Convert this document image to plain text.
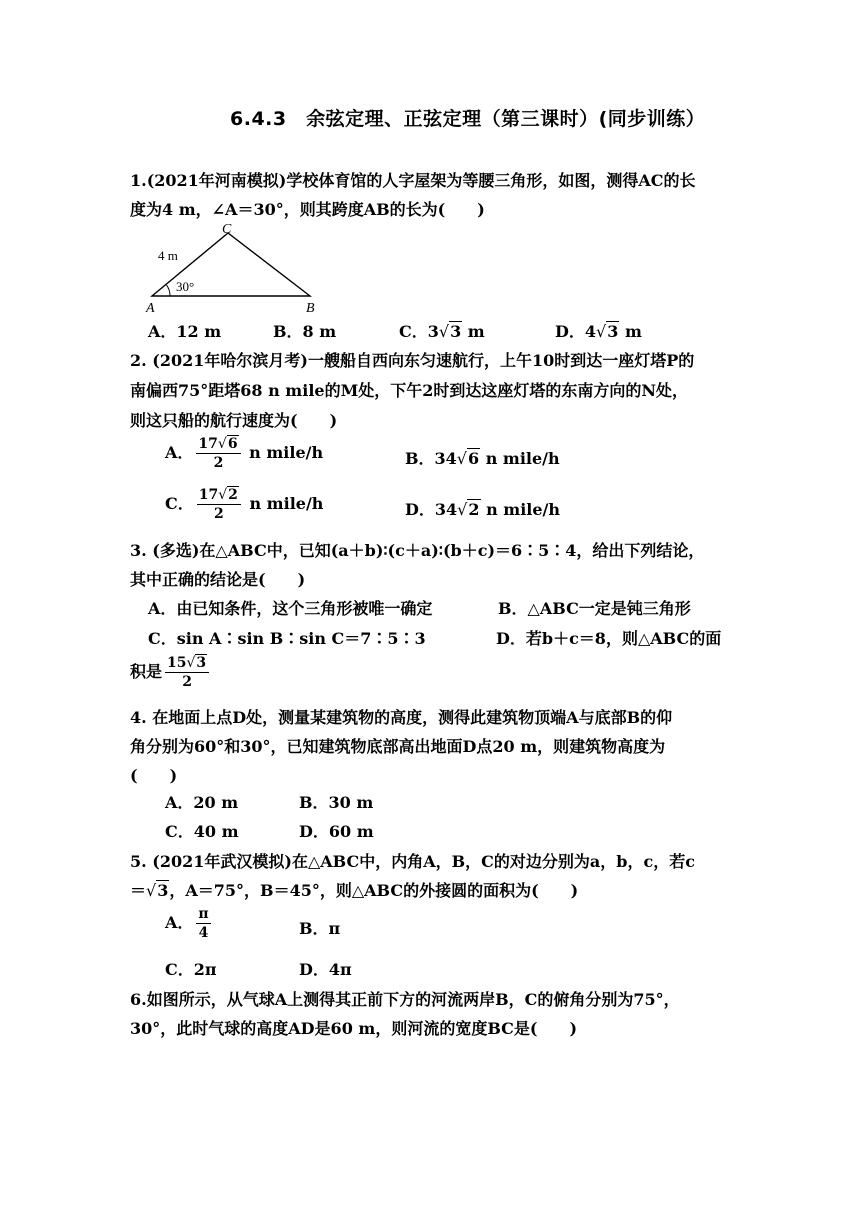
6.4.3　余弦定理、正弦定理（第三课时）(同步训练）
1.(2021年河南模拟)学校体育馆的人字屋架为等腰三角形，如图，测得AC的长
度为4 m，∠A＝30°，则其跨度AB的长为(　　)
C
A	B
4 m
30°
A．12 m	B．8 m	C．3√3 m	D．4√3 m
2. (2021年哈尔滨月考)一艘船自西向东匀速航行，上午10时到达一座灯塔P的
南偏西75°距塔68 n mile的M处，下午2时到达这座灯塔的东南方向的N处，
则这只船的航行速度为(　　)
A． $\frac{17√6}{2}$ n mile/h	B．34√6 n mile/h
C． $\frac{17√2}{2}$ n mile/h	D．34√2 n mile/h
3. (多选)在△ABC中，已知(a＋b)∶(c＋a)∶(b＋c)＝6∶5∶4，给出下列结论，
其中正确的结论是(　　)
A．由已知条件，这个三角形被唯一确定	B．△ABC一定是钝三角形
C．sin A∶sin B∶sin C＝7∶5∶3	D．若b＋c＝8，则△ABC的面
积是 $\frac{15√3}{2}$
4. 在地面上点D处，测量某建筑物的高度，测得此建筑物顶端A与底部B的仰
角分别为60°和30°，已知建筑物底部高出地面D点20 m，则建筑物高度为
(　　)
A．20 m	B．30 m
C．40 m	D．60 m
5. (2021年武汉模拟)在△ABC中，内角A，B，C的对边分别为a，b，c，若c
＝√3，A＝75°，B＝45°，则△ABC的外接圆的面积为(　　)
A． $\frac{\pi}{4}$	B．π
C．2π	D．4π
6.如图所示，从气球A上测得其正前下方的河流两岸B，C的俯角分别为75°，
30°，此时气球的高度AD是60 m，则河流的宽度BC是(　　)
